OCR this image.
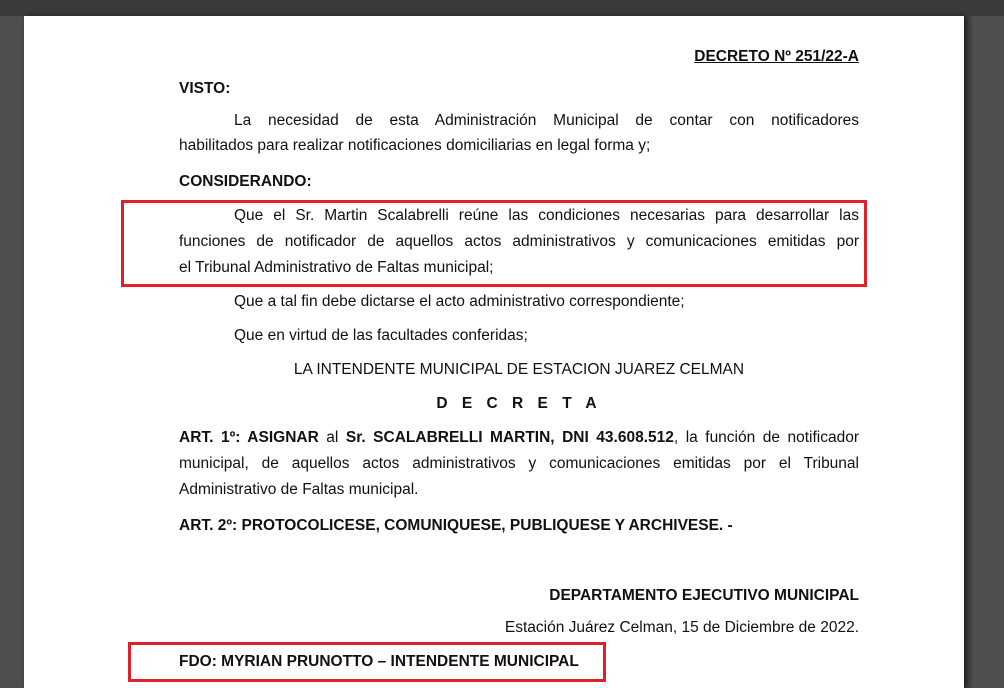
DECRETO Nº 251/22-A
VISTO:
La necesidad de esta Administración Municipal de contar con notificadores
habilitados para realizar notificaciones domiciliarias en legal forma y;
CONSIDERANDO:
Que el Sr. Martin Scalabrelli reúne las condiciones necesarias para desarrollar las
funciones de notificador de aquellos actos administrativos y comunicaciones emitidas por
el Tribunal Administrativo de Faltas municipal;
Que a tal fin debe dictarse el acto administrativo correspondiente;
Que en virtud de las facultades conferidas;
LA INTENDENTE MUNICIPAL DE ESTACION JUAREZ CELMAN
D E C R E T A
ART. 1º: ASIGNAR al Sr. SCALABRELLI MARTIN, DNI 43.608.512, la función de notificador
municipal, de aquellos actos administrativos y comunicaciones emitidas por el Tribunal
Administrativo de Faltas municipal.
ART. 2º: PROTOCOLICESE, COMUNIQUESE, PUBLIQUESE Y ARCHIVESE. -
DEPARTAMENTO EJECUTIVO MUNICIPAL
Estación Juárez Celman, 15 de Diciembre de 2022.
FDO: MYRIAN PRUNOTTO – INTENDENTE MUNICIPAL
